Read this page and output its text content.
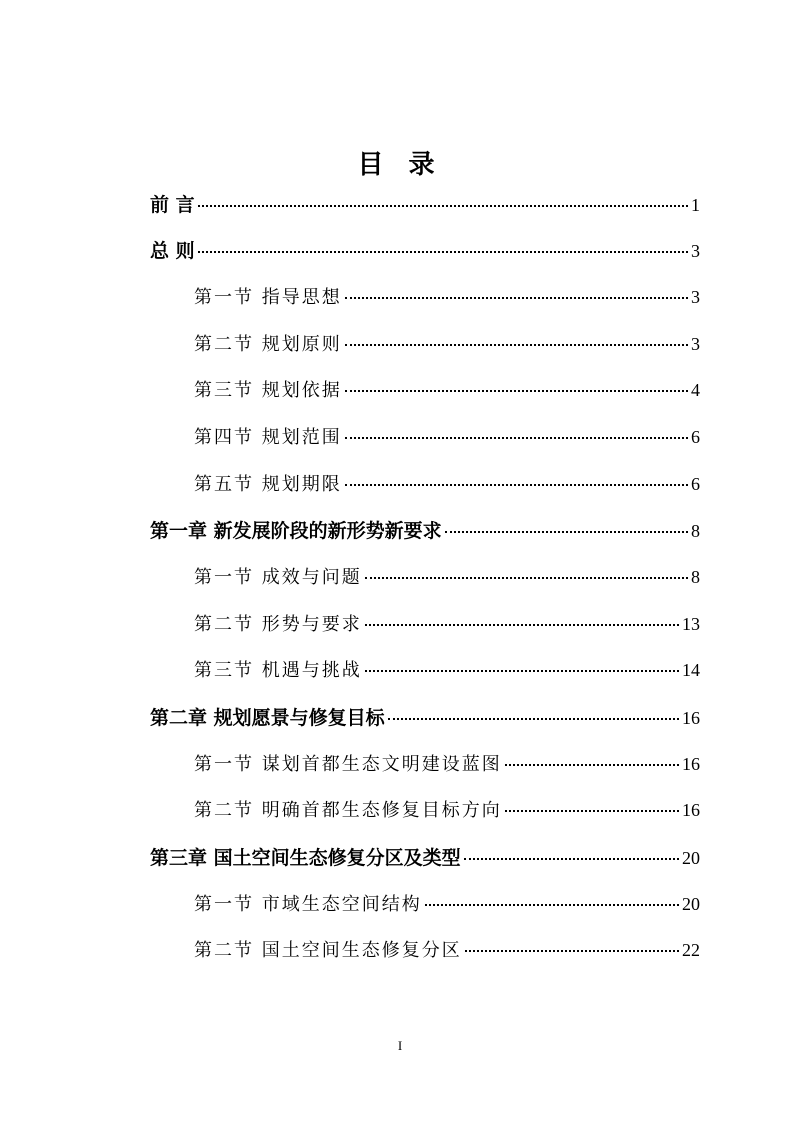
目 录
前 言	1
总 则	3
第一节 指导思想	3
第二节 规划原则	3
第三节 规划依据	4
第四节 规划范围	6
第五节 规划期限	6
第一章 新发展阶段的新形势新要求	8
第一节 成效与问题	8
第二节 形势与要求	13
第三节 机遇与挑战	14
第二章 规划愿景与修复目标	16
第一节 谋划首都生态文明建设蓝图	16
第二节 明确首都生态修复目标方向	16
第三章 国土空间生态修复分区及类型	20
第一节 市域生态空间结构	20
第二节 国土空间生态修复分区	22
I
